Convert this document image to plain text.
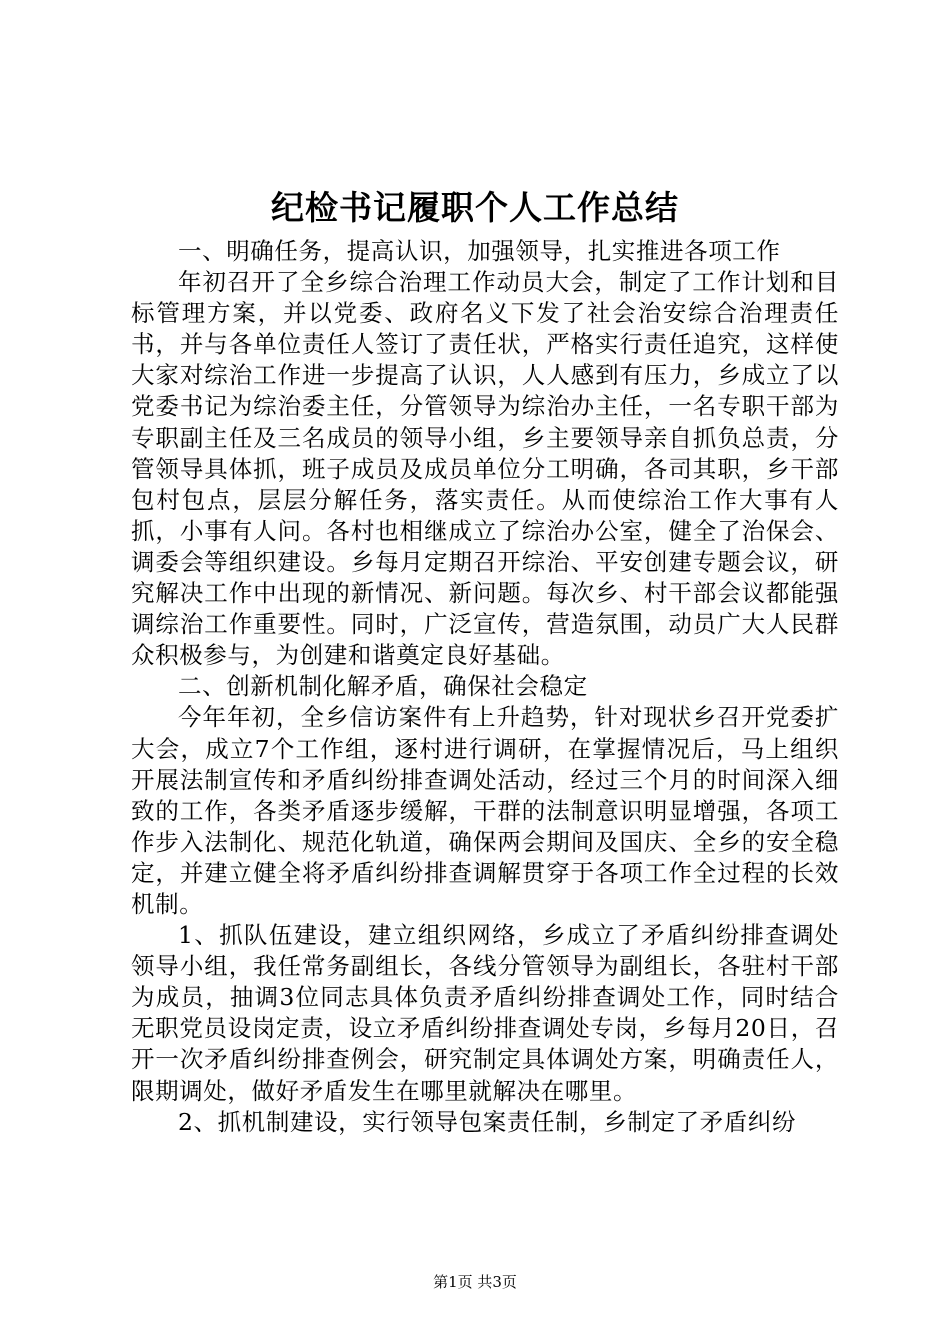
纪检书记履职个人工作总结

一、明确任务，提高认识，加强领导，扎实推进各项工作

年初召开了全乡综合治理工作动员大会，制定了工作计划和目标管理方案，并以党委、政府名义下发了社会治安综合治理责任书，并与各单位责任人签订了责任状，严格实行责任追究，这样使大家对综治工作进一步提高了认识，人人感到有压力，乡成立了以党委书记为综治委主任，分管领导为综治办主任，一名专职干部为专职副主任及三名成员的领导小组，乡主要领导亲自抓负总责，分管领导具体抓，班子成员及成员单位分工明确，各司其职，乡干部包村包点，层层分解任务，落实责任。从而使综治工作大事有人抓，小事有人问。各村也相继成立了综治办公室，健全了治保会、调委会等组织建设。乡每月定期召开综治、平安创建专题会议，研究解决工作中出现的新情况、新问题。每次乡、村干部会议都能强调综治工作重要性。同时，广泛宣传，营造氛围，动员广大人民群众积极参与，为创建和谐奠定良好基础。

二、创新机制化解矛盾，确保社会稳定

今年年初，全乡信访案件有上升趋势，针对现状乡召开党委扩大会，成立7个工作组，逐村进行调研，在掌握情况后，马上组织开展法制宣传和矛盾纠纷排查调处活动，经过三个月的时间深入细致的工作，各类矛盾逐步缓解，干群的法制意识明显增强，各项工作步入法制化、规范化轨道，确保两会期间及国庆、全乡的安全稳定，并建立健全将矛盾纠纷排查调解贯穿于各项工作全过程的长效机制。

1、抓队伍建设，建立组织网络，乡成立了矛盾纠纷排查调处领导小组，我任常务副组长，各线分管领导为副组长，各驻村干部为成员，抽调3位同志具体负责矛盾纠纷排查调处工作，同时结合无职党员设岗定责，设立矛盾纠纷排查调处专岗，乡每月20日，召开一次矛盾纠纷排查例会，研究制定具体调处方案，明确责任人，限期调处，做好矛盾发生在哪里就解决在哪里。

2、抓机制建设，实行领导包案责任制，乡制定了矛盾纠纷

第1页 共3页
